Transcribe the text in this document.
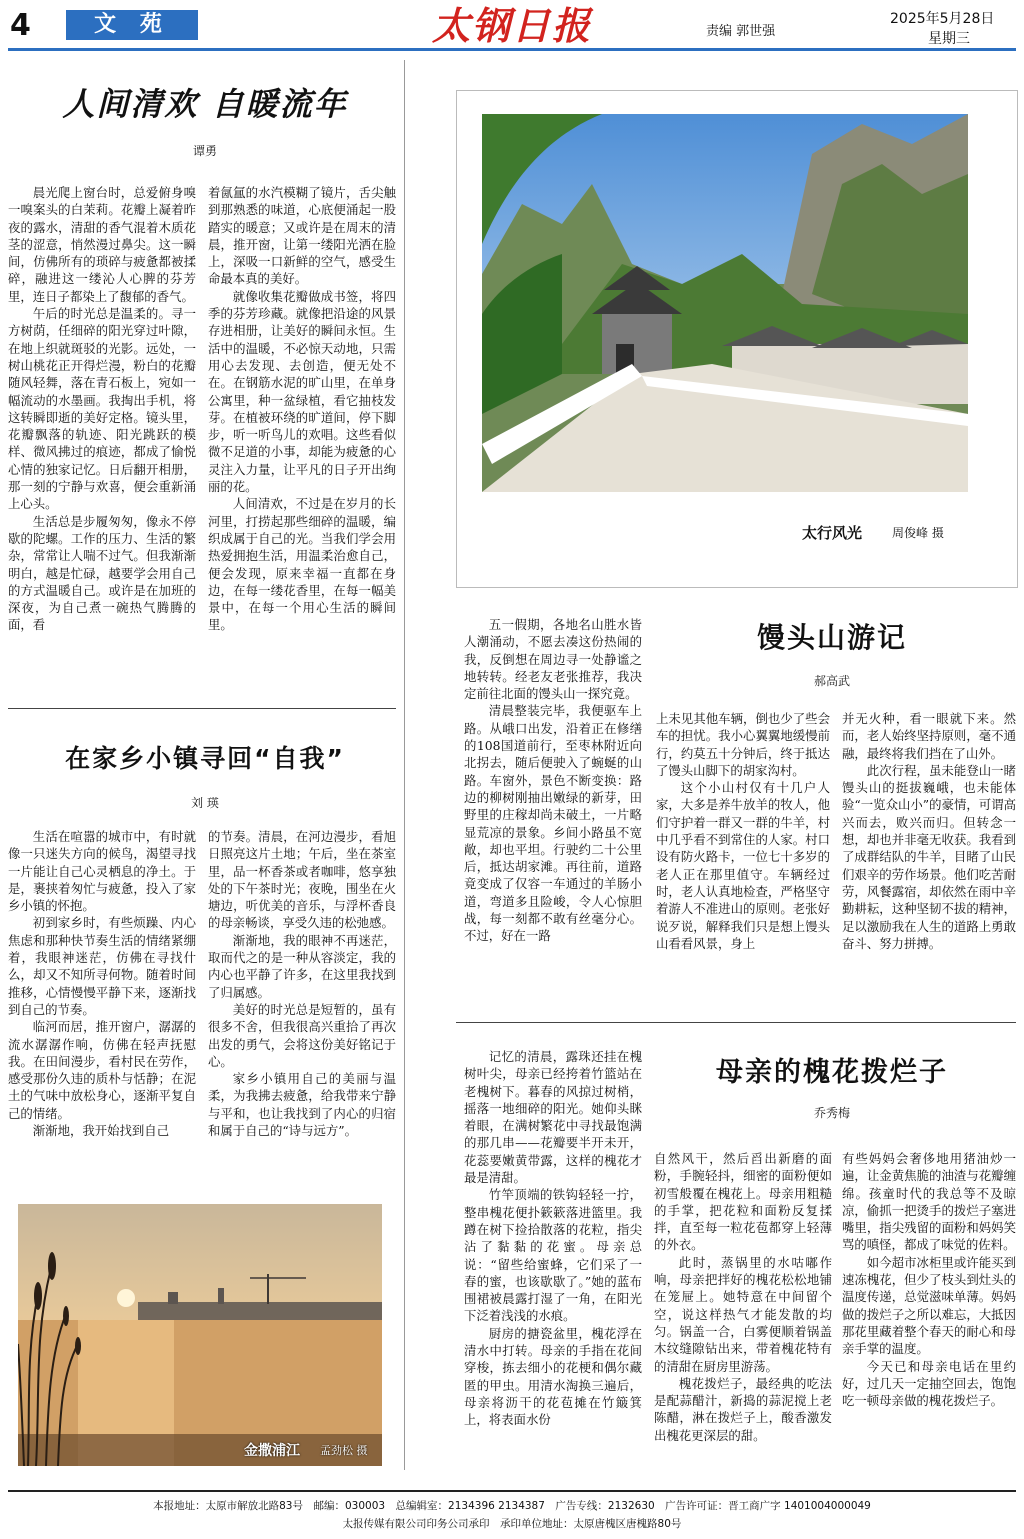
4	文 苑	太钢日报	责编 郭世强
2025年5月28日
星期三
人间清欢 自暖流年
谭勇

晨光爬上窗台时，总爱俯身嗅一嗅案头的白茉莉。花瓣上凝着昨夜的露水，清甜的香气混着木质花茎的涩意，悄然漫过鼻尖。这一瞬间，仿佛所有的琐碎与疲惫都被揉碎，融进这一缕沁人心脾的芬芳里，连日子都染上了馥郁的香气。

午后的时光总是温柔的。寻一方树荫，任细碎的阳光穿过叶隙，在地上织就斑驳的光影。远处，一树山桃花正开得烂漫，粉白的花瓣随风轻舞，落在青石板上，宛如一幅流动的水墨画。我掏出手机，将这转瞬即逝的美好定格。镜头里，花瓣飘落的轨迹、阳光跳跃的模样、微风拂过的痕迹，都成了愉悦心情的独家记忆。日后翻开相册，那一刻的宁静与欢喜，便会重新涌上心头。

生活总是步履匆匆，像永不停歇的陀螺。工作的压力、生活的繁杂，常常让人喘不过气。但我渐渐明白，越是忙碌，越要学会用自己的方式温暖自己。或许是在加班的深夜，为自己煮一碗热气腾腾的面，看

着氤氲的水汽模糊了镜片，舌尖触到那熟悉的味道，心底便涌起一股踏实的暖意；又或许是在周末的清晨，推开窗，让第一缕阳光洒在脸上，深吸一口新鲜的空气，感受生命最本真的美好。

就像收集花瓣做成书签，将四季的芬芳珍藏。就像把沿途的风景存进相册，让美好的瞬间永恒。生活中的温暖，不必惊天动地，只需用心去发现、去创造，便无处不在。在钢筋水泥的旷山里，在单身公寓里，种一盆绿植，看它抽枝发芽。在植被环绕的旷道间，停下脚步，听一听鸟儿的欢唱。这些看似微不足道的小事，却能为疲惫的心灵注入力量，让平凡的日子开出绚丽的花。

人间清欢，不过是在岁月的长河里，打捞起那些细碎的温暖，编织成属于自己的光。当我们学会用热爱拥抱生活，用温柔治愈自己，便会发现，原来幸福一直都在身边，在每一缕花香里，在每一幅美景中，在每一个用心生活的瞬间里。

在家乡小镇寻回“自我”
刘 瑛

生活在喧嚣的城市中，有时就像一只迷失方向的候鸟，渴望寻找一片能让自己心灵栖息的净土。于是，裹挟着匆忙与疲惫，投入了家乡小镇的怀抱。

初到家乡时，有些烦躁、内心焦虑和那种快节奏生活的情绪紧绷着，我眼神迷茫，仿佛在寻找什么，却又不知所寻何物。随着时间推移，心情慢慢平静下来，逐渐找到自己的节奏。

临河而居，推开窗户，潺潺的流水潺潺作响，仿佛在轻声抚慰我。在田间漫步，看村民在劳作，感受那份久违的质朴与恬静；在泥土的气味中放松身心，逐渐平复自己的情绪。

渐渐地，我开始找到自己

的节奏。清晨，在河边漫步，看旭日照亮这片土地；午后，坐在茶室里，品一杯香茶或者咖啡，悠享独处的下午茶时光；夜晚，围坐在火塘边，听优美的音乐，与浮杯香良的母亲畅谈，享受久违的松弛感。

渐渐地，我的眼神不再迷茫，取而代之的是一种从容淡定，我的内心也平静了许多，在这里我找到了归属感。

美好的时光总是短暂的，虽有很多不舍，但我很高兴重拾了再次出发的勇气，会将这份美好铭记于心。

家乡小镇用自己的美丽与温柔，为我拂去疲惫，给我带来宁静与平和，也让我找到了内心的归宿和属于自己的“诗与远方”。

金撒浦江 孟劲松 摄
太行风光 周俊峰 摄

五一假期，各地名山胜水皆人潮涌动，不愿去凑这份热闹的我，反倒想在周边寻一处静谧之地转转。经老友老张推荐，我决定前往北面的馒头山一探究竟。

清晨整装完毕，我便驱车上路。从峨口出发，沿着正在修缮的108国道前行，至枣林附近向北拐去，随后便驶入了蜿蜒的山路。车窗外，景色不断变换：路边的柳树刚抽出嫩绿的新芽，田野里的庄稼却尚未破土，一片略显荒凉的景象。乡间小路虽不宽敞，却也平坦。行驶约二十公里后，抵达胡家滩。再往前，道路竟变成了仅容一车通过的羊肠小道，弯道多且险峻，令人心惊胆战，每一刻都不敢有丝毫分心。不过，好在一路

馒头山游记
郝高武

上未见其他车辆，倒也少了些会车的担忧。我小心翼翼地缓慢前行，约莫五十分钟后，终于抵达了馒头山脚下的胡家沟村。

这个小山村仅有十几户人家，大多是养牛放羊的牧人，他们守护着一群又一群的牛羊，村中几乎看不到常住的人家。村口设有防火路卡，一位七十多岁的老人正在那里值守。车辆经过时，老人认真地检查，严格坚守着游人不准进山的原则。老张好说歹说，解释我们只是想上馒头山看看风景，身上

并无火种，看一眼就下来。然而，老人始终坚持原则，毫不通融，最终将我们挡在了山外。

此次行程，虽未能登山一睹馒头山的挺拔巍峨，也未能体验“一览众山小”的豪情，可谓高兴而去，败兴而归。但转念一想，却也并非毫无收获。我看到了成群结队的牛羊，目睹了山民们艰辛的劳作场景。他们吃苦耐劳，风餐露宿，却依然在雨中辛勤耕耘，这种坚韧不拔的精神，足以激励我在人生的道路上勇敢奋斗、努力拼搏。

记忆的清晨，露珠还挂在槐树叶尖，母亲已经挎着竹篮站在老槐树下。暮春的风掠过树梢，摇落一地细碎的阳光。她仰头眯着眼，在满树繁花中寻找最饱满的那几串——花瓣要半开未开，花蕊要嫩黄带露，这样的槐花才最是清甜。

竹竿顶端的铁钩轻轻一拧，整串槐花便扑簌簌落进篮里。我蹲在树下捡拾散落的花粒，指尖沾了黏黏的花蜜。母亲总说：“留些给蜜蜂，它们采了一春的蜜，也该歇歇了。”她的蓝布围裙被晨露打湿了一角，在阳光下泛着浅浅的水痕。

厨房的搪瓷盆里，槐花浮在清水中打转。母亲的手指在花间穿梭，拣去细小的花梗和偶尔藏匿的甲虫。用清水淘换三遍后，母亲将沥干的花苞摊在竹簸箕上，将表面水份

母亲的槐花拨烂子
乔秀梅

自然风干，然后舀出新磨的面粉，手腕轻抖，细密的面粉便如初雪般覆在槐花上。母亲用粗糙的手掌，把花粒和面粉反复揉拌，直至每一粒花苞都穿上轻薄的外衣。

此时，蒸锅里的水咕嘟作响，母亲把拌好的槐花松松地铺在笼屉上。她特意在中间留个空，说这样热气才能发散的均匀。锅盖一合，白雾便顺着锅盖木纹缝隙钻出来，带着槐花特有的清甜在厨房里游荡。

槐花拨烂子，最经典的吃法是配蒜醋汁，新捣的蒜泥搅上老陈醋，淋在拨烂子上，酸香激发出槐花更深层的甜。

有些妈妈会奢侈地用猪油炒一遍，让金黄焦脆的油渣与花瓣缠绵。孩童时代的我总等不及晾凉，偷抓一把烫手的拨烂子塞进嘴里，指尖残留的面粉和妈妈笑骂的嗔怪，都成了味觉的佐料。

如今超市冰柜里或许能买到速冻槐花，但少了枝头到灶头的温度传递，总觉滋味单薄。妈妈做的拨烂子之所以难忘，大抵因那花里藏着整个春天的耐心和母亲手掌的温度。

今天已和母亲电话在里约好，过几天一定抽空回去，饱饱吃一顿母亲做的槐花拨烂子。

本报地址：太原市解放北路83号　邮编：030003　总编辑室：2134396 2134387　广告专线：2132630　广告许可证：晋工商广字 1401004000049
太报传媒有限公司印务公司承印　承印单位地址：太原唐槐区唐槐路80号
